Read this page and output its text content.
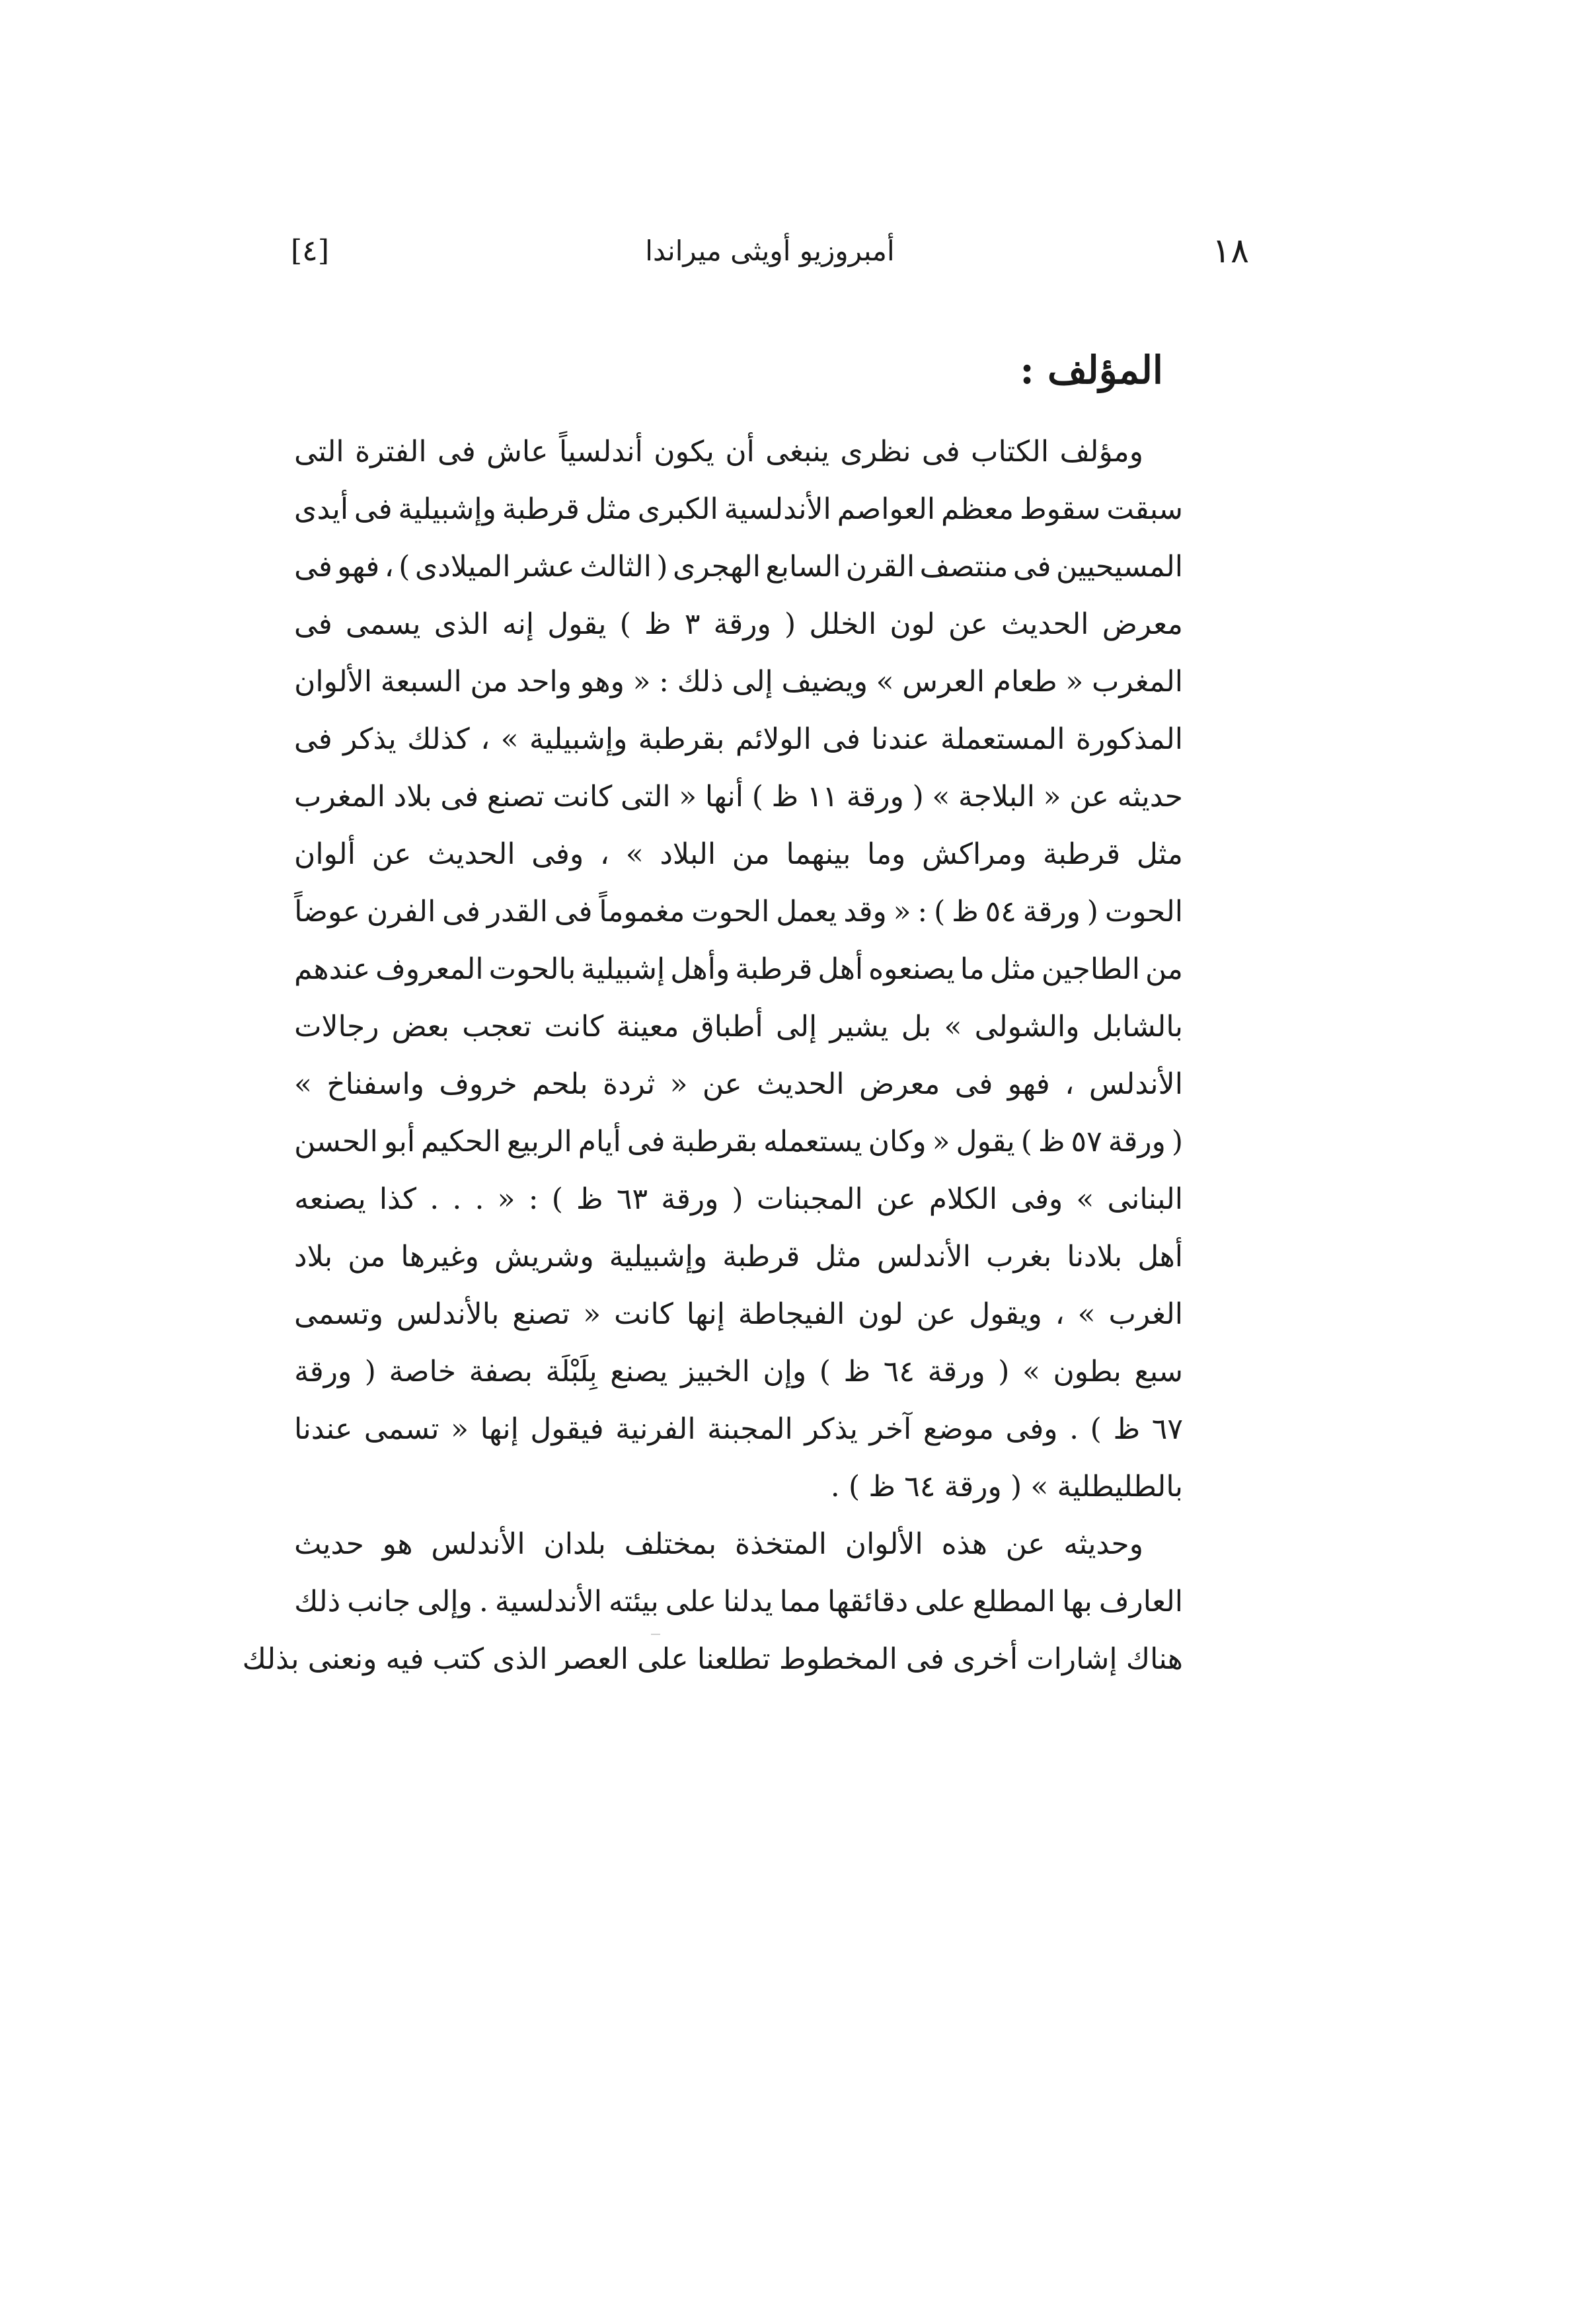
١٨
أمبروزيو أويثى ميراندا
[٤]
المؤلف :
ومؤلف
الكتاب
فى
نظرى
ينبغى
أن
يكون
أندلسياً
عاش
فى
الفترة
التى
سبقت
سقوط
معظم
العواصم
الأندلسية
الكبرى
مثل
قرطبة
وإشبيلية
فى
أيدى
المسيحيين
فى
منتصف
القرن
السابع
الهجرى
(
الثالث
عشر
الميلادى
)
،
فهو
فى
معرض
الحديث
عن
لون
الخلل
(
ورقة
٣
ظ
)
يقول
إنه
الذى
يسمى
فى
المغرب
«
طعام
العرس
»
ويضيف
إلى
ذلك
:
«
وهو
واحد
من
السبعة
الألوان
المذكورة
المستعملة
عندنا
فى
الولائم
بقرطبة
وإشبيلية
»
،
كذلك
يذكر
فى
حديثه
عن
«
البلاجة
»
(
ورقة
١١
ظ
)
أنها
«
التى
كانت
تصنع
فى
بلاد
المغرب
مثل
قرطبة
ومراكش
وما
بينهما
من
البلاد
»
،
وفى
الحديث
عن
ألوان
الحوت
(
ورقة
٥٤
ظ
)
:
«
وقد
يعمل
الحوت
مغموماً
فى
القدر
فى
الفرن
عوضاً
من
الطاجين
مثل
ما
يصنعوه
أهل
قرطبة
وأهل
إشبيلية
بالحوت
المعروف
عندهم
بالشابل
والشولى
»
بل
يشير
إلى
أطباق
معينة
كانت
تعجب
بعض
رجالات
الأندلس
،
فهو
فى
معرض
الحديث
عن
«
ثردة
بلحم
خروف
واسفناخ
»
(
ورقة
٥٧
ظ
)
يقول
«
وكان
يستعمله
بقرطبة
فى
أيام
الربيع
الحكيم
أبو
الحسن
البنانى
»
وفى
الكلام
عن
المجبنات
(
ورقة
٦٣
ظ
)
:
«
.
.
.
كذا
يصنعه
أهل
بلادنا
بغرب
الأندلس
مثل
قرطبة
وإشبيلية
وشريش
وغيرها
من
بلاد
الغرب
»
،
ويقول
عن
لون
الفيجاطة
إنها
كانت
«
تصنع
بالأندلس
وتسمى
سبع
بطون
»
(
ورقة
٦٤
ظ
)
وإن
الخبيز
يصنع
بِلَبْلَة
بصفة
خاصة
(
ورقة
٦٧
ظ
)
.
وفى
موضع
آخر
يذكر
المجبنة
الفرنية
فيقول
إنها
«
تسمى
عندنا
بالطليطلية
»
(
ورقة
٦٤
ظ
)
.
وحديثه
عن
هذه
الألوان
المتخذة
بمختلف
بلدان
الأندلس
هو
حديث
العارف
بها
المطلع
على
دقائقها
مما
يدلنا
على
بيئته
الأندلسية
.
وإلى
جانب
ذلك
هناك
إشارات
أخرى
فى
المخطوط
تطلعنا
على
العصر
الذى
كتب
فيه
ونعنى
بذلك
